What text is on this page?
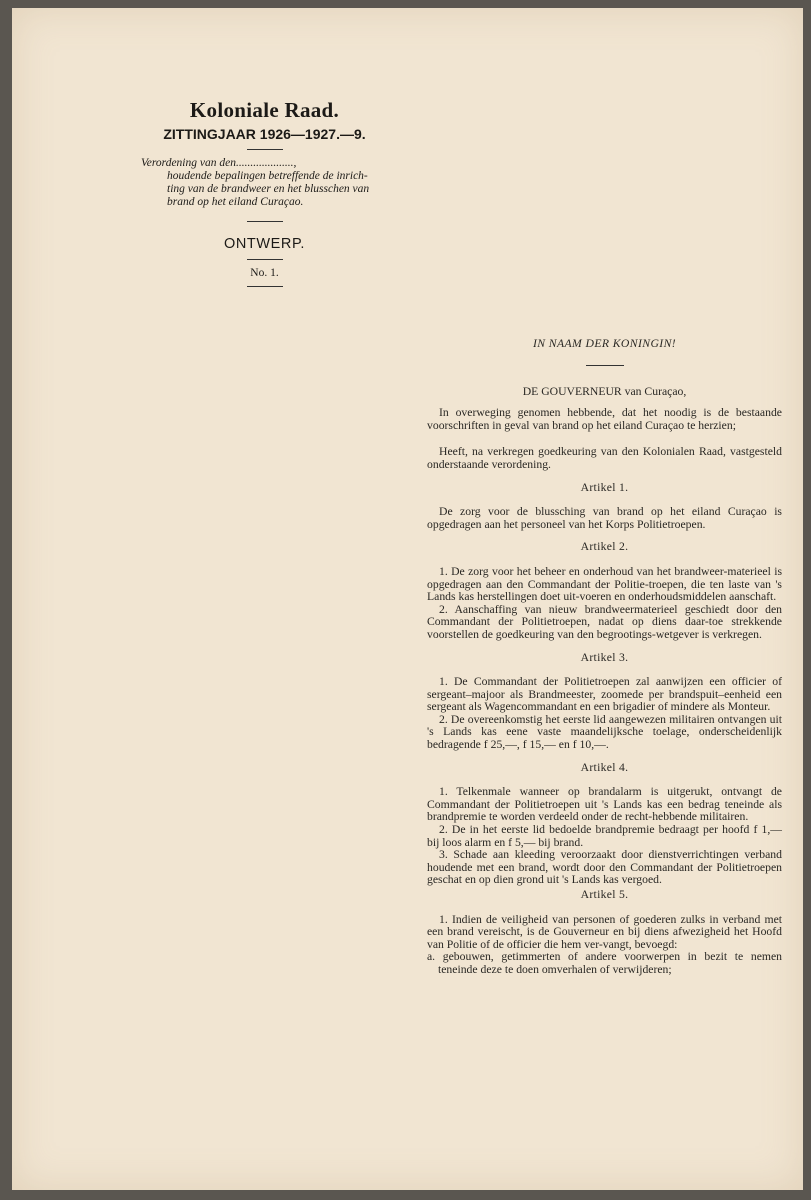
Koloniale Raad.
ZITTINGJAAR 1926—1927.—9.
Verordening van den....................,

houdende bepalingen betreffende de inrich-
ting van de brandweer en het blusschen van
brand op het eiland Curaçao.
ONTWERP.
No. 1.
IN NAAM DER KONINGIN!
DE GOUVERNEUR van Curaçao,

In overweging genomen hebbende, dat het noodig is de bestaande voorschriften in geval van brand op het eiland Curaçao te herzien;

Heeft, na verkregen goedkeuring van den Kolonialen Raad, vastgesteld onderstaande verordening.

Artikel 1.

De zorg voor de blussching van brand op het eiland Curaçao is opgedragen aan het personeel van het Korps Politietroepen.

Artikel 2.

1. De zorg voor het beheer en onderhoud van het brandweer-materieel is opgedragen aan den Commandant der Politie-troepen, die ten laste van 's Lands kas herstellingen doet uit-voeren en onderhoudsmiddelen aanschaft.

2. Aanschaffing van nieuw brandweermaterieel geschiedt door den Commandant der Politietroepen, nadat op diens daar-toe strekkende voorstellen de goedkeuring van den begrootings-wetgever is verkregen.

Artikel 3.

1. De Commandant der Politietroepen zal aanwijzen een officier of sergeant–majoor als Brandmeester, zoomede per brandspuit–eenheid een sergeant als Wagencommandant en een brigadier of mindere als Monteur.

2. De overeenkomstig het eerste lid aangewezen militairen ontvangen uit 's Lands kas eene vaste maandelijksche toelage, onderscheidenlijk bedragende f 25,—, f 15,— en f 10,—.

Artikel 4.

1. Telkenmale wanneer op brandalarm is uitgerukt, ontvangt de Commandant der Politietroepen uit 's Lands kas een bedrag teneinde als brandpremie te worden verdeeld onder de recht-hebbende militairen.

2. De in het eerste lid bedoelde brandpremie bedraagt per hoofd f 1,— bij loos alarm en f 5,— bij brand.

3. Schade aan kleeding veroorzaakt door dienstverrichtingen verband houdende met een brand, wordt door den Commandant der Politietroepen geschat en op dien grond uit 's Lands kas vergoed.

Artikel 5.

1. Indien de veiligheid van personen of goederen zulks in verband met een brand vereischt, is de Gouverneur en bij diens afwezigheid het Hoofd van Politie of de officier die hem ver-vangt, bevoegd:

a. gebouwen, getimmerten of andere voorwerpen in bezit te nemen teneinde deze te doen omverhalen of verwijderen;
